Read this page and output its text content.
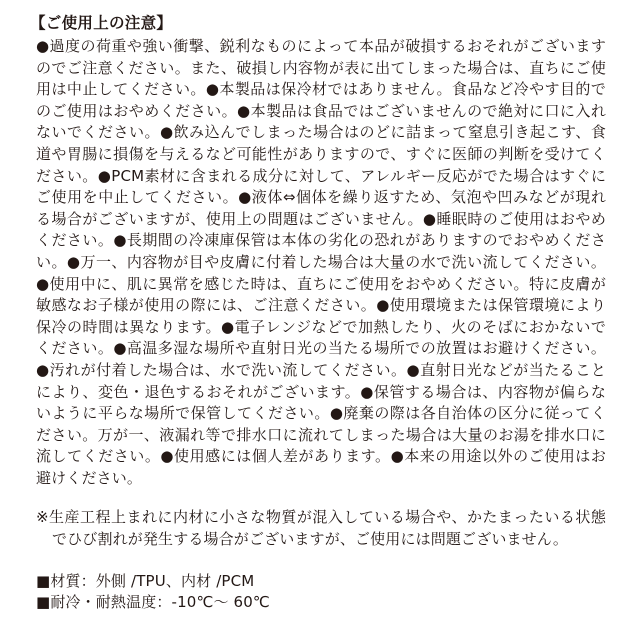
【ご使用上の注意】

●過度の荷重や強い衝撃、鋭利なものによって本品が破損するおそれがございますのでご注意ください。また、破損し内容物が表に出てしまった場合は、直ちにご使用は中止してください。●本製品は保冷材ではありません。食品など冷やす目的でのご使用はおやめください。●本製品は食品ではございませんので絶対に口に入れないでください。●飲み込んでしまった場合はのどに詰まって窒息引き起こす、食道や胃腸に損傷を与えるなど可能性がありますので、すぐに医師の判断を受けてください。●PCM素材に含まれる成分に対して、アレルギー反応がでた場合はすぐにご使用を中止してください。●液体⇔個体を繰り返すため、気泡や凹みなどが現れる場合がございますが、使用上の問題はございません。●睡眠時のご使用はおやめください。●長期間の冷凍庫保管は本体の劣化の恐れがありますのでおやめください。●万一、内容物が目や皮膚に付着した場合は大量の水で洗い流してください。●使用中に、肌に異常を感じた時は、直ちにご使用をおやめください。特に皮膚が敏感なお子様が使用の際には、ご注意ください。●使用環境または保管環境により保冷の時間は異なります。●電子レンジなどで加熱したり、火のそばにおかないでください。●高温多湿な場所や直射日光の当たる場所での放置はお避けください。●汚れが付着した場合は、水で洗い流してください。●直射日光などが当たることにより、変色・退色するおそれがございます。●保管する場合は、内容物が偏らないように平らな場所で保管してください。●廃棄の際は各自治体の区分に従ってください。万が一、液漏れ等で排水口に流れてしまった場合は大量のお湯を排水口に流してください。●使用感には個人差があります。●本来の用途以外のご使用はお避けください。

※生産工程上まれに内材に小さな物質が混入している場合や、かたまったいる状態でひび割れが発生する場合がございますが、ご使用には問題ございません。

■材質：外側 /TPU、内材 /PCM

■耐冷・耐熱温度：-10℃～ 60℃
